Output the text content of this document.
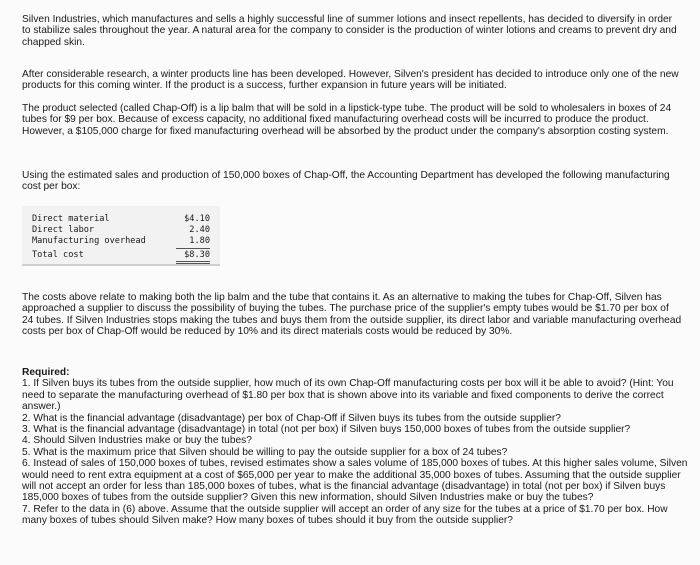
Silven Industries, which manufactures and sells a highly successful line of summer lotions and insect repellents, has decided to diversify in order to stabilize sales throughout the year. A natural area for the company to consider is the production of winter lotions and creams to prevent dry and chapped skin.

After considerable research, a winter products line has been developed. However, Silven's president has decided to introduce only one of the new products for this coming winter. If the product is a success, further expansion in future years will be initiated.

The product selected (called Chap-Off) is a lip balm that will be sold in a lipstick-type tube. The product will be sold to wholesalers in boxes of 24 tubes for $9 per box. Because of excess capacity, no additional fixed manufacturing overhead costs will be incurred to produce the product. However, a $105,000 charge for fixed manufacturing overhead will be absorbed by the product under the company's absorption costing system.

Using the estimated sales and production of 150,000 boxes of Chap-Off, the Accounting Department has developed the following manufacturing cost per box:

Direct material	$4.10
Direct labor	2.40
Manufacturing overhead	1.80
Total cost	$8.30

The costs above relate to making both the lip balm and the tube that contains it. As an alternative to making the tubes for Chap-Off, Silven has approached a supplier to discuss the possibility of buying the tubes. The purchase price of the supplier's empty tubes would be $1.70 per box of 24 tubes. If Silven Industries stops making the tubes and buys them from the outside supplier, its direct labor and variable manufacturing overhead costs per box of Chap-Off would be reduced by 10% and its direct materials costs would be reduced by 30%.

Required:

1. If Silven buys its tubes from the outside supplier, how much of its own Chap-Off manufacturing costs per box will it be able to avoid? (Hint: You need to separate the manufacturing overhead of $1.80 per box that is shown above into its variable and fixed components to derive the correct answer.)

2. What is the financial advantage (disadvantage) per box of Chap-Off if Silven buys its tubes from the outside supplier?

3. What is the financial advantage (disadvantage) in total (not per box) if Silven buys 150,000 boxes of tubes from the outside supplier?

4. Should Silven Industries make or buy the tubes?

5. What is the maximum price that Silven should be willing to pay the outside supplier for a box of 24 tubes?

6. Instead of sales of 150,000 boxes of tubes, revised estimates show a sales volume of 185,000 boxes of tubes. At this higher sales volume, Silven would need to rent extra equipment at a cost of $65,000 per year to make the additional 35,000 boxes of tubes. Assuming that the outside supplier will not accept an order for less than 185,000 boxes of tubes, what is the financial advantage (disadvantage) in total (not per box) if Silven buys 185,000 boxes of tubes from the outside supplier? Given this new information, should Silven Industries make or buy the tubes?

7. Refer to the data in (6) above. Assume that the outside supplier will accept an order of any size for the tubes at a price of $1.70 per box. How many boxes of tubes should Silven make? How many boxes of tubes should it buy from the outside supplier?
